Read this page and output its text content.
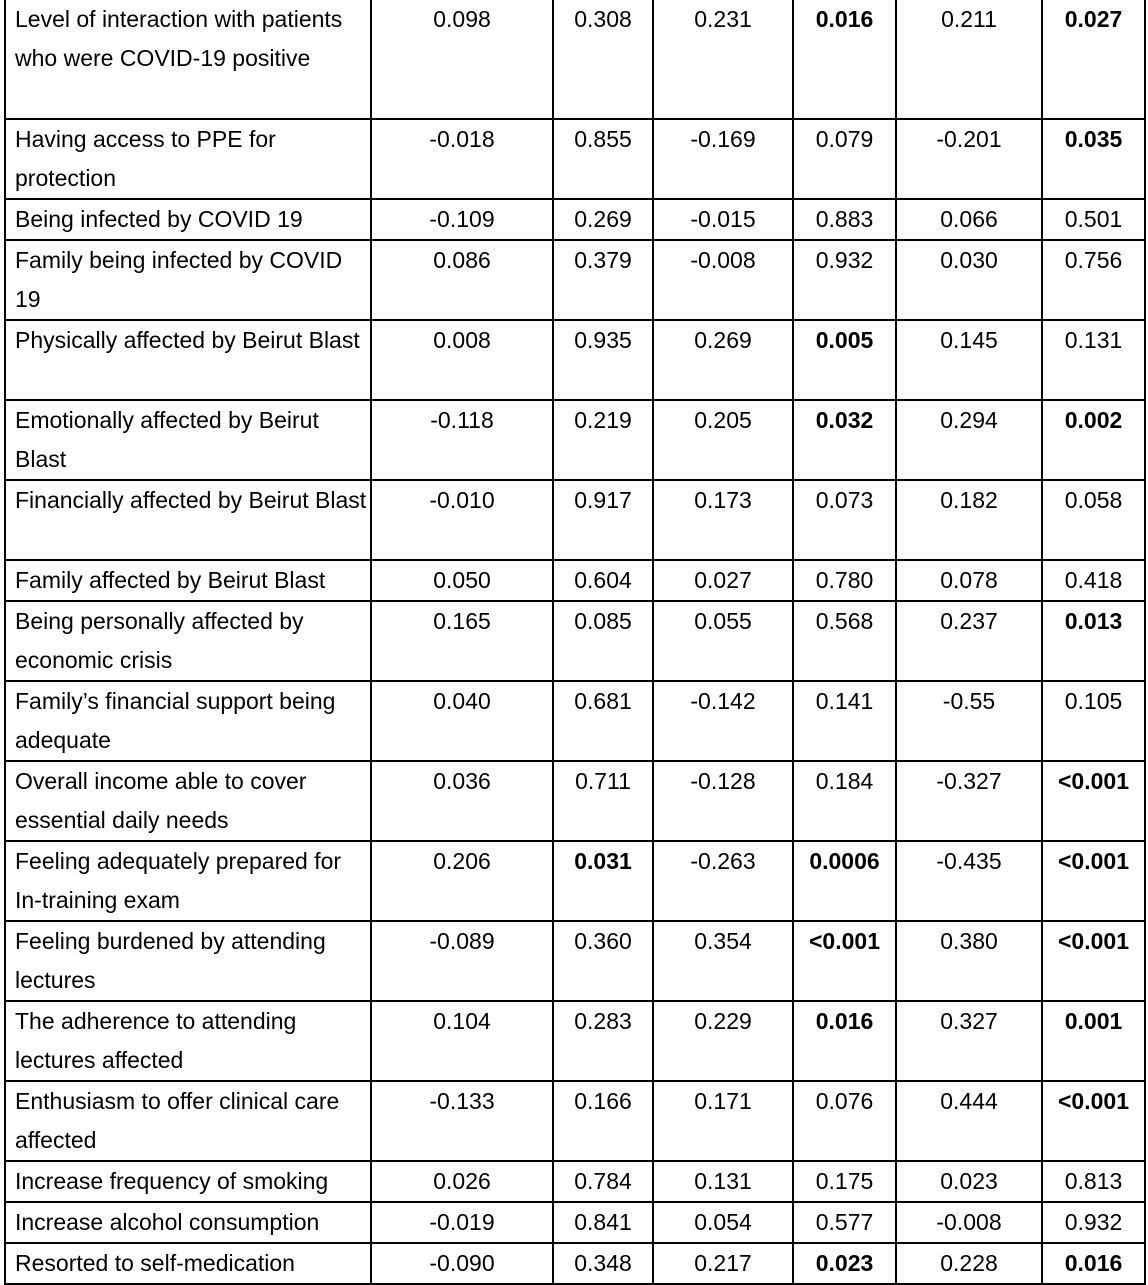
Level of interaction with patients who were COVID-19 positive	0.098	0.308	0.231	0.016	0.211	0.027
Having access to PPE for protection	-0.018	0.855	-0.169	0.079	-0.201	0.035
Being infected by COVID 19	-0.109	0.269	-0.015	0.883	0.066	0.501
Family being infected by COVID 19	0.086	0.379	-0.008	0.932	0.030	0.756
Physically affected by Beirut Blast	0.008	0.935	0.269	0.005	0.145	0.131
Emotionally affected by Beirut Blast	-0.118	0.219	0.205	0.032	0.294	0.002
Financially affected by Beirut Blast	-0.010	0.917	0.173	0.073	0.182	0.058
Family affected by Beirut Blast	0.050	0.604	0.027	0.780	0.078	0.418
Being personally affected by economic crisis	0.165	0.085	0.055	0.568	0.237	0.013
Family’s financial support being adequate	0.040	0.681	-0.142	0.141	-0.55	0.105
Overall income able to cover essential daily needs	0.036	0.711	-0.128	0.184	-0.327	<0.001
Feeling adequately prepared for In-training exam	0.206	0.031	-0.263	0.0006	-0.435	<0.001
Feeling burdened by attending lectures	-0.089	0.360	0.354	<0.001	0.380	<0.001
The adherence to attending lectures affected	0.104	0.283	0.229	0.016	0.327	0.001
Enthusiasm to offer clinical care affected	-0.133	0.166	0.171	0.076	0.444	<0.001
Increase frequency of smoking	0.026	0.784	0.131	0.175	0.023	0.813
Increase alcohol consumption	-0.019	0.841	0.054	0.577	-0.008	0.932
Resorted to self-medication	-0.090	0.348	0.217	0.023	0.228	0.016
